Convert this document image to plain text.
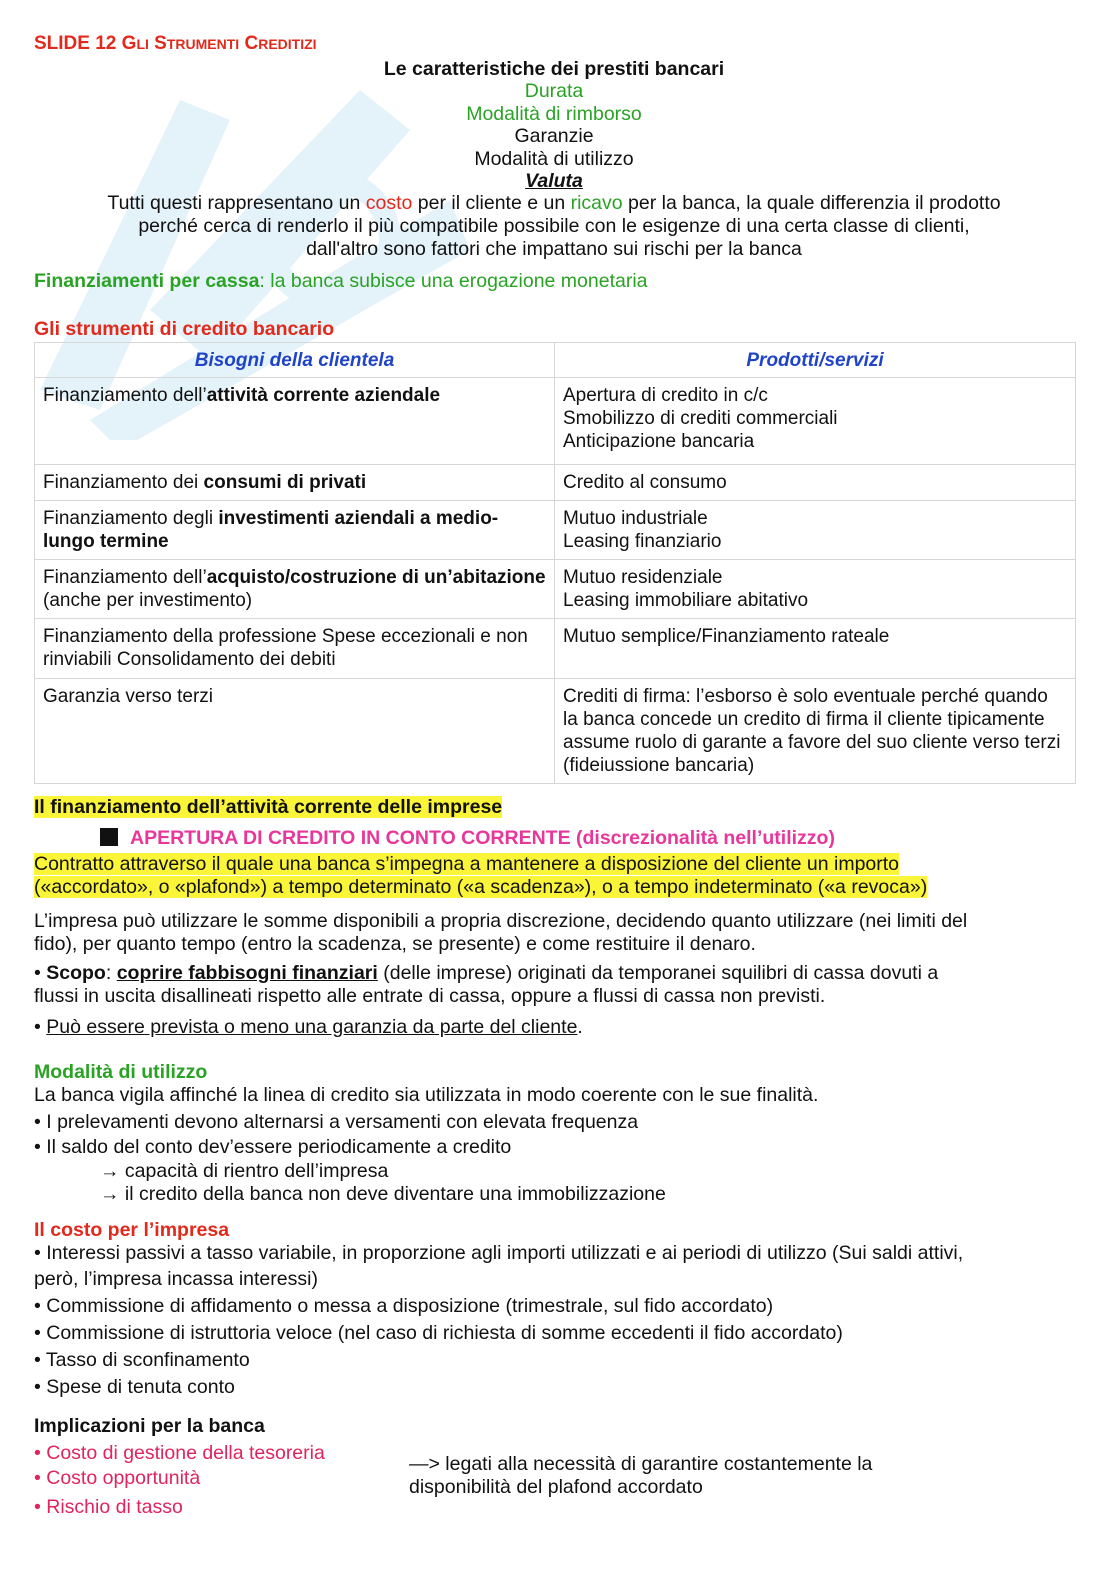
SLIDE 12 GLI STRUMENTI CREDITIZI
Le caratteristiche dei prestiti bancari
Durata
Modalità di rimborso
Garanzie
Modalità di utilizzo
Valuta
Tutti questi rappresentano un costo per il cliente e un ricavo per la banca, la quale differenzia il prodotto
perché cerca di renderlo il più compatibile possibile con le esigenze di una certa classe di clienti,
dall'altro sono fattori che impattano sui rischi per la banca
Finanziamenti per cassa: la banca subisce una erogazione monetaria
Gli strumenti di credito bancario
Bisogni della clientela	Prodotti/servizi
Finanziamento dell’attività corrente aziendale	Apertura di credito in c/c
Smobilizzo di crediti commerciali
Anticipazione bancaria

Finanziamento dei consumi di privati	Credito al consumo

Finanziamento degli investimenti aziendali a medio-lungo termine	Mutuo industriale
Leasing finanziario

Finanziamento dell’acquisto/costruzione di un’abitazione (anche per investimento)	Mutuo residenziale
Leasing immobiliare abitativo

Finanziamento della professione Spese eccezionali e non rinviabili Consolidamento dei debiti	Mutuo semplice/Finanziamento rateale

Garanzia verso terzi	Crediti di firma: l’esborso è solo eventuale perché quando la banca concede un credito di firma il cliente tipicamente assume ruolo di garante a favore del suo cliente verso terzi (fideiussione bancaria)
Il finanziamento dell’attività corrente delle imprese
APERTURA DI CREDITO IN CONTO CORRENTE (discrezionalità nell’utilizzo)
Contratto attraverso il quale una banca s’impegna a mantenere a disposizione del cliente un importo
(«accordato», o «plafond») a tempo determinato («a scadenza»), o a tempo indeterminato («a revoca»)
L’impresa può utilizzare le somme disponibili a propria discrezione, decidendo quanto utilizzare (nei limiti del
fido), per quanto tempo (entro la scadenza, se presente) e come restituire il denaro.
• Scopo: coprire fabbisogni finanziari (delle imprese) originati da temporanei squilibri di cassa dovuti a
flussi in uscita disallineati rispetto alle entrate di cassa, oppure a flussi di cassa non previsti.
• Può essere prevista o meno una garanzia da parte del cliente.
Modalità di utilizzo
La banca vigila affinché la linea di credito sia utilizzata in modo coerente con le sue finalità.
• I prelevamenti devono alternarsi a versamenti con elevata frequenza
• Il saldo del conto dev’essere periodicamente a credito
→ capacità di rientro dell’impresa
→ il credito della banca non deve diventare una immobilizzazione
Il costo per l’impresa
• Interessi passivi a tasso variabile, in proporzione agli importi utilizzati e ai periodi di utilizzo (Sui saldi attivi,
però, l’impresa incassa interessi)
• Commissione di affidamento o messa a disposizione (trimestrale, sul fido accordato)
• Commissione di istruttoria veloce (nel caso di richiesta di somme eccedenti il fido accordato)
• Tasso di sconfinamento
• Spese di tenuta conto
Implicazioni per la banca
• Costo di gestione della tesoreria
• Costo opportunità
• Rischio di tasso
—> legati alla necessità di garantire costantemente la
disponibilità del plafond accordato
